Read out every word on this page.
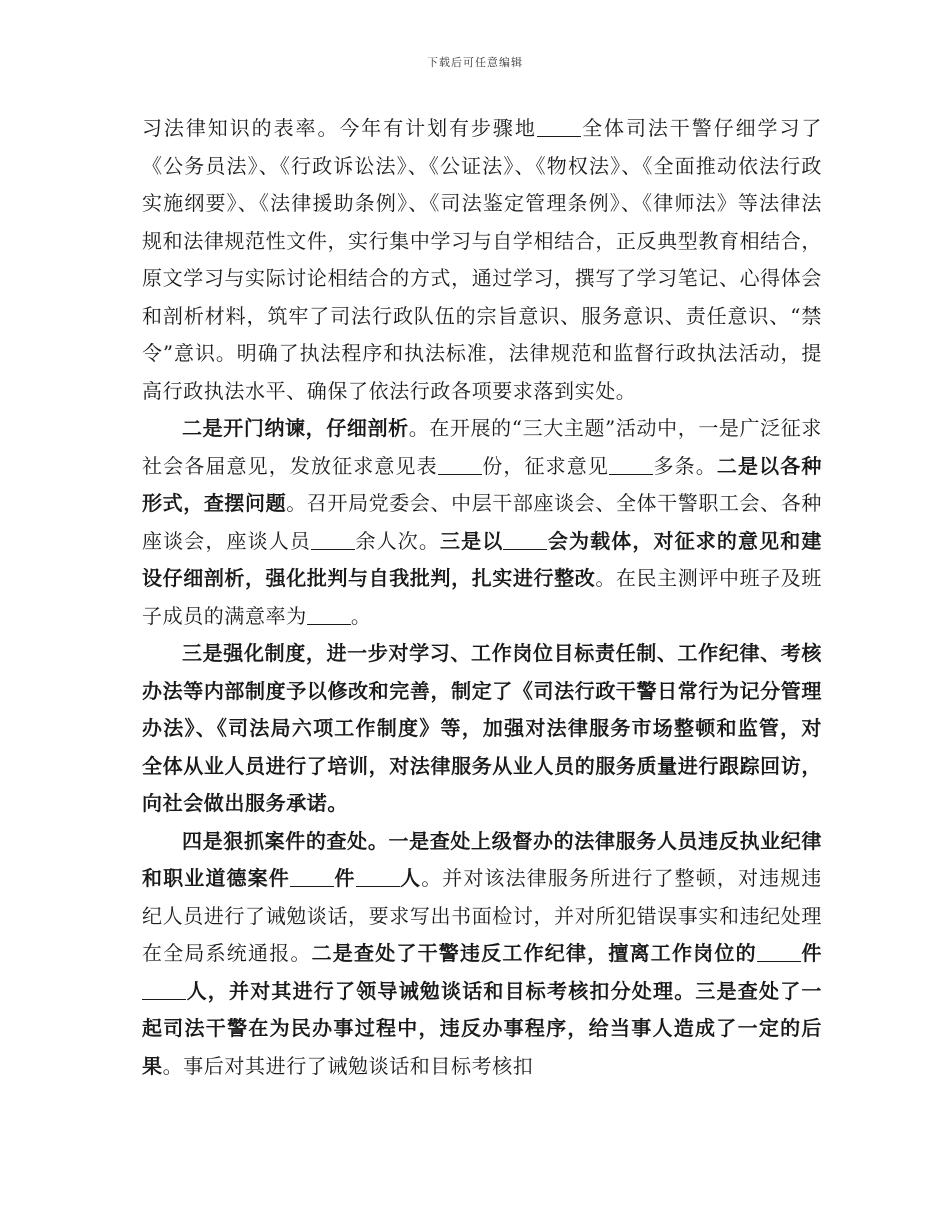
下载后可任意编辑

习法律知识的表率。今年有计划有步骤地 全体司法干警仔细学习了《公务员法》、《行政诉讼法》、《公证法》、《物权法》、《全面推动依法行政实施纲要》、《法律援助条例》、《司法鉴定管理条例》、《律师法》等法律法规和法律规范性文件，实行集中学习与自学相结合，正反典型教育相结合，原文学习与实际讨论相结合的方式，通过学习，撰写了学习笔记、心得体会和剖析材料，筑牢了司法行政队伍的宗旨意识、服务意识、责任意识、“禁令”意识。明确了执法程序和执法标准，法律规范和监督行政执法活动，提高行政执法水平、确保了依法行政各项要求落到实处。

二是开门纳谏，仔细剖析。在开展的“三大主题”活动中，一是广泛征求社会各届意见，发放征求意见表 份，征求意见 多条。二是以各种形式，查摆问题。召开局党委会、中层干部座谈会、全体干警职工会、各种座谈会，座谈人员 余人次。三是以 会为载体，对征求的意见和建设仔细剖析，强化批判与自我批判，扎实进行整改。在民主测评中班子及班子成员的满意率为 。

三是强化制度，进一步对学习、工作岗位目标责任制、工作纪律、考核办法等内部制度予以修改和完善，制定了《司法行政干警日常行为记分管理办法》、《司法局六项工作制度》等，加强对法律服务市场整顿和监管，对全体从业人员进行了培训，对法律服务从业人员的服务质量进行跟踪回访，向社会做出服务承诺。

四是狠抓案件的查处。一是查处上级督办的法律服务人员违反执业纪律和职业道德案件 件 人。并对该法律服务所进行了整顿，对违规违纪人员进行了诫勉谈话，要求写出书面检讨，并对所犯错误事实和违纪处理在全局系统通报。二是查处了干警违反工作纪律，擅离工作岗位的 件人，并对其进行了领导诫勉谈话和目标考核扣分处理。三是查处了一起司法干警在为民办事过程中，违反办事程序，给当事人造成了一定的后果。事后对其进行了诫勉谈话和目标考核扣
